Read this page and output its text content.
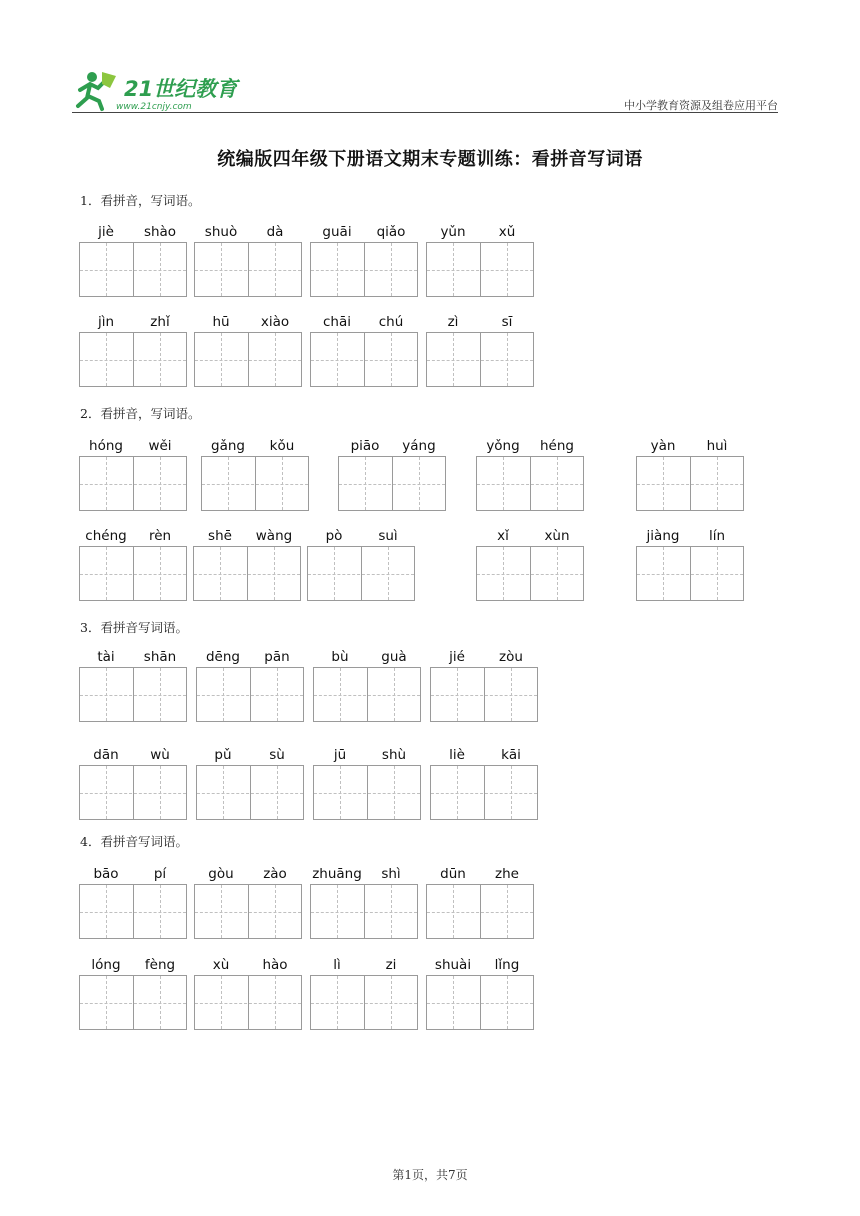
21世纪教育
www.21cnjy.com	中小学教育资源及组卷应用平台
统编版四年级下册语文期末专题训练：看拼音写词语
1．看拼音，写词语。
jiè	shào	shuò	dà	guāi	qiǎo	yǔn	xǔ
jìn	zhǐ	hū	xiào	chāi	chú	zì	sī
2．看拼音，写词语。
hóng	wěi	gǎng	kǒu	piāo	yáng	yǒng	héng	yàn	huì
chéng	rèn	shē	wàng	pò	suì	xǐ	xùn	jiàng	lín
3．看拼音写词语。
tài	shān	dēng	pān	bù	guà	jié	zòu
dān	wù	pǔ	sù	jū	shù	liè	kāi
4．看拼音写词语。
bāo	pí	gòu	zào	zhuāng	shì	dūn	zhe
lóng	fèng	xù	hào	lì	zi	shuài	lǐng
第1页，共7页
